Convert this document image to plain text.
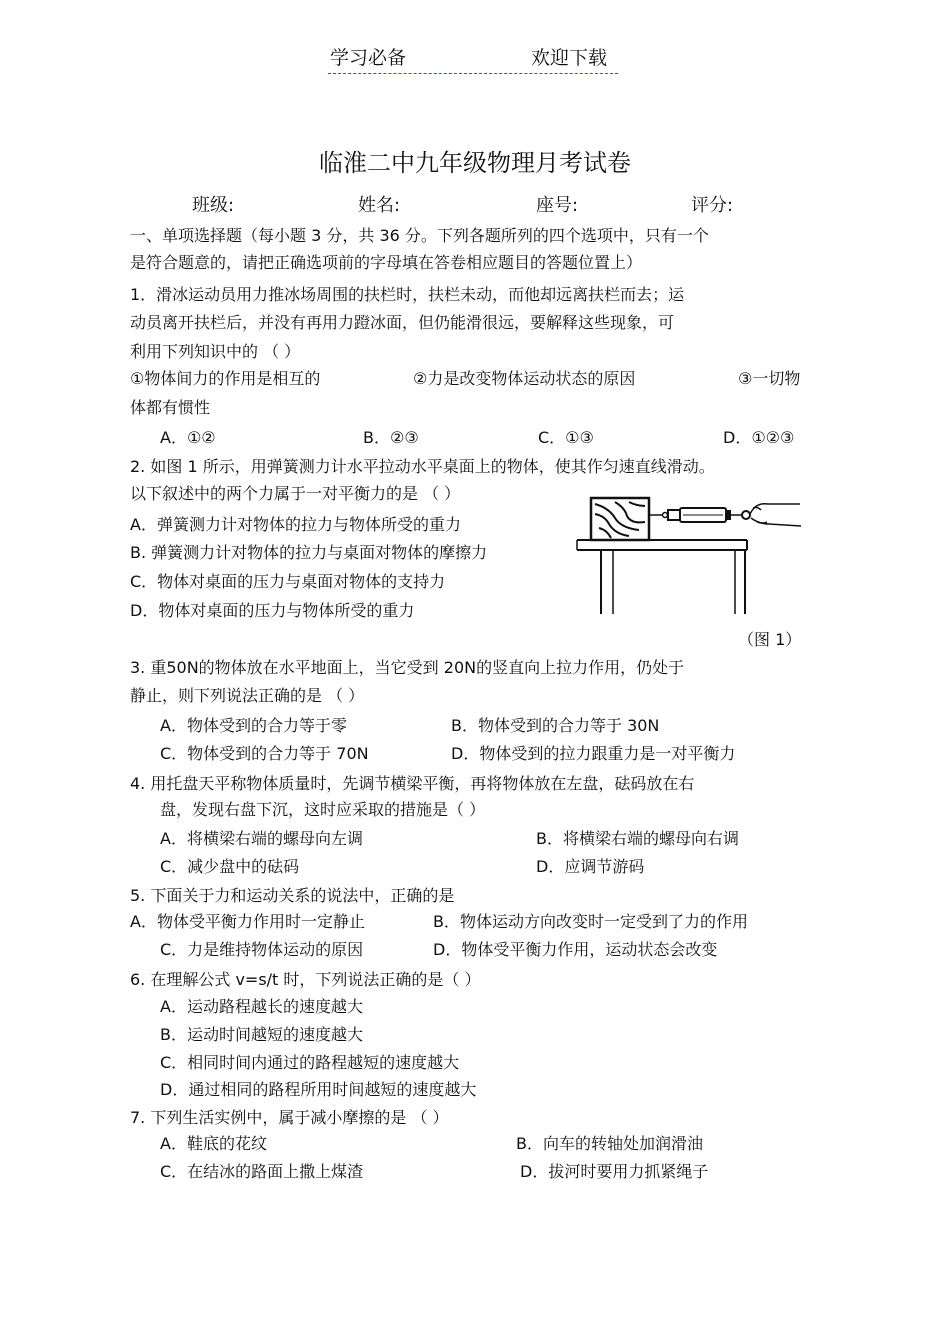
学习必备	欢迎下载
临淮二中九年级物理月考试卷
班级:	姓名:	座号:	评分:
一、单项选择题（每小题 3 分，共 36 分。下列各题所列的四个选项中，只有一个
是符合题意的，请把正确选项前的字母填在答卷相应题目的答题位置上）
1．滑冰运动员用力推冰场周围的扶栏时，扶栏未动，而他却远离扶栏而去；运
动员离开扶栏后，并没有再用力蹬冰面，但仍能滑很远，要解释这些现象，可
利用下列知识中的 （ ）
①物体间力的作用是相互的	②力是改变物体运动状态的原因	③一切物
体都有惯性
A．①②	B．②③	C．①③	D．①②③
2. 如图 1 所示，用弹簧测力计水平拉动水平桌面上的物体，使其作匀速直线滑动。
以下叙述中的两个力属于一对平衡力的是 （ ）
A．弹簧测力计对物体的拉力与物体所受的重力
B. 弹簧测力计对物体的拉力与桌面对物体的摩擦力
C．物体对桌面的压力与桌面对物体的支持力
D．物体对桌面的压力与物体所受的重力
（图 1）
3. 重50N的物体放在水平地面上，当它受到 20N的竖直向上拉力作用，仍处于
静止，则下列说法正确的是 （ ）
A．物体受到的合力等于零	B．物体受到的合力等于 30N
C．物体受到的合力等于 70N	D．物体受到的拉力跟重力是一对平衡力
4. 用托盘天平称物体质量时，先调节横梁平衡，再将物体放在左盘，砝码放在右
盘，发现右盘下沉，这时应采取的措施是（ ）
A．将横梁右端的螺母向左调	B．将横梁右端的螺母向右调
C．减少盘中的砝码	D．应调节游码
5. 下面关于力和运动关系的说法中，正确的是
A．物体受平衡力作用时一定静止	B．物体运动方向改变时一定受到了力的作用
C．力是维持物体运动的原因	D．物体受平衡力作用，运动状态会改变
6. 在理解公式 v=s/t 时，下列说法正确的是（ ）
A．运动路程越长的速度越大
B．运动时间越短的速度越大
C．相同时间内通过的路程越短的速度越大
D．通过相同的路程所用时间越短的速度越大
7. 下列生活实例中，属于减小摩擦的是 （ ）
A．鞋底的花纹	B．向车的转轴处加润滑油
C．在结冰的路面上撒上煤渣	D．拔河时要用力抓紧绳子
